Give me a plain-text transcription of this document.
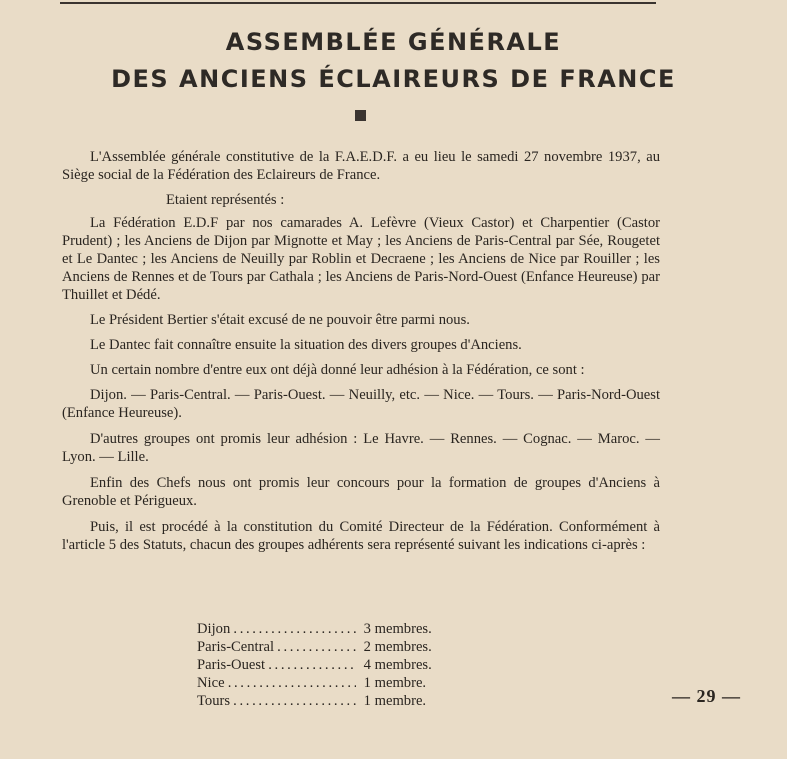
ASSEMBLÉE GÉNÉRALE
DES ANCIENS ÉCLAIREURS DE FRANCE

L'Assemblée générale constitutive de la F.A.E.D.F. a eu lieu le samedi 27 novembre 1937, au Siège social de la Fédération des Eclaireurs de France.

Etaient représentés :

La Fédération E.D.F par nos camarades A. Lefèvre (Vieux Castor) et Charpentier (Castor Prudent) ; les Anciens de Dijon par Mignotte et May ; les Anciens de Paris-Central par Sée, Rougetet et Le Dantec ; les Anciens de Neuilly par Roblin et Decraene ; les Anciens de Nice par Rouiller ; les Anciens de Rennes et de Tours par Cathala ; les Anciens de Paris-Nord-Ouest (Enfance Heureuse) par Thuillet et Dédé.

Le Président Bertier s'était excusé de ne pouvoir être parmi nous.

Le Dantec fait connaître ensuite la situation des divers groupes d'Anciens.

Un certain nombre d'entre eux ont déjà donné leur adhésion à la Fédération, ce sont :

Dijon. — Paris-Central. — Paris-Ouest. — Neuilly, etc. — Nice. — Tours. — Paris-Nord-Ouest (Enfance Heureuse).

D'autres groupes ont promis leur adhésion : Le Havre. — Rennes. — Cognac. — Maroc. — Lyon. — Lille.

Enfin des Chefs nous ont promis leur concours pour la formation de groupes d'Anciens à Grenoble et Périgueux.

Puis, il est procédé à la constitution du Comité Directeur de la Fédération. Conformément à l'article 5 des Statuts, chacun des groupes adhérents sera représenté suivant les indications ci-après :

Dijon . . .	3 membres.
Paris-Central . . .	2 membres.
Paris-Ouest . . .	4 membres.
Nice . . .	1 membre.
Tours . . .	1 membre.	— 29 —
